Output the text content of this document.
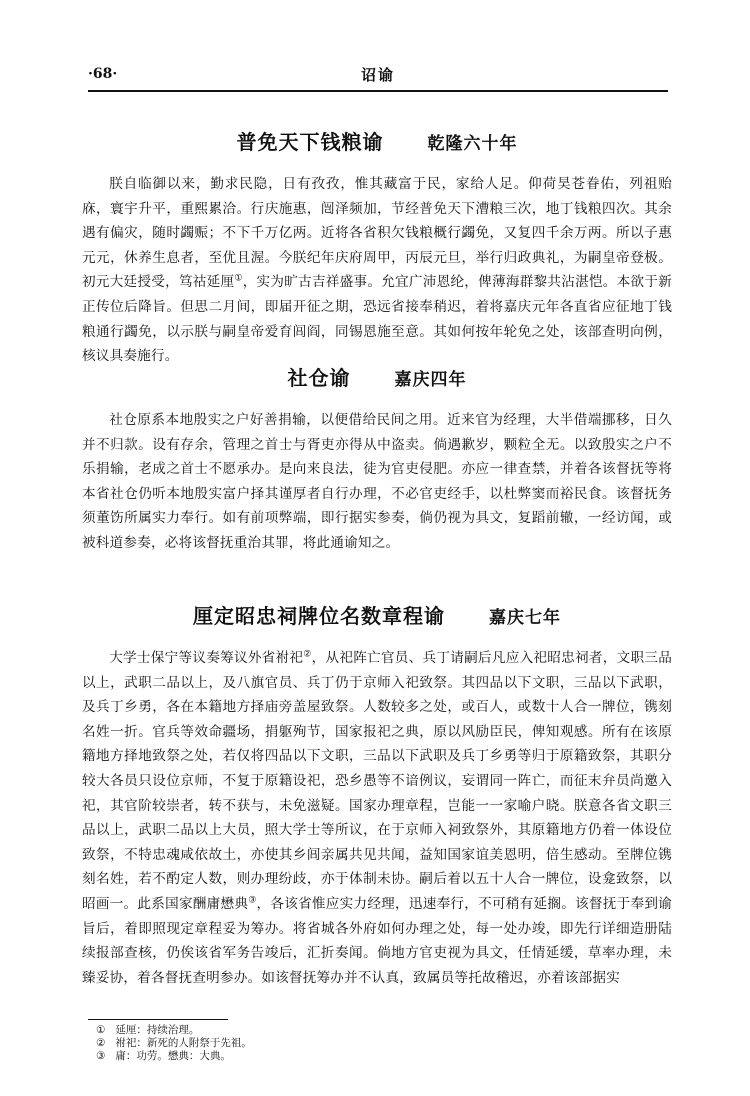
·68·	诏谕
普免天下钱粮谕	乾隆六十年

朕自临御以来，勤求民隐，日有孜孜，惟其藏富于民，家给人足。仰荷昊苍眷佑，列祖贻庥，寰宇升平，重熙累洽。行庆施惠，闿泽频加，节经普免天下漕粮三次，地丁钱粮四次。其余遇有偏灾，随时蠲赈；不下千万亿两。近将各省积欠钱粮概行蠲免，又复四千余万两。所以子惠元元，休养生息者，至优且渥。今朕纪年庆府周甲，丙辰元旦，举行归政典礼，为嗣皇帝登极。初元大廷授受，笃祜延厘①，实为旷古吉祥盛事。允宜广沛恩纶，俾薄海群黎共沾湛恺。本欲于新正传位后降旨。但思二月间，即届开征之期，恐远省接奉稍迟，着将嘉庆元年各直省应征地丁钱粮通行蠲免，以示朕与嗣皇帝爱育闾阎，同锡恩施至意。其如何按年轮免之处，该部查明向例，核议具奏施行。

社仓谕	嘉庆四年

社仓原系本地殷实之户好善捐输，以便借给民间之用。近来官为经理，大半借端挪移，日久并不归款。设有存余，管理之首士与胥吏亦得从中盗卖。倘遇歉岁，颗粒全无。以致殷实之户不乐捐输，老成之首士不愿承办。是向来良法，徒为官吏侵肥。亦应一律查禁，并着各该督抚等将本省社仓仍听本地殷实富户择其谨厚者自行办理，不必官吏经手，以杜弊窦而裕民食。该督抚务须董饬所属实力奉行。如有前项弊端，即行据实参奏，倘仍视为具文，复蹈前辙，一经访闻，或被科道参奏，必将该督抚重治其罪，将此通谕知之。

厘定昭忠祠牌位名数章程谕	嘉庆七年

大学士保宁等议奏筹议外省祔祀②，从祀阵亡官员、兵丁请嗣后凡应入祀昭忠祠者，文职三品以上，武职二品以上，及八旗官员、兵丁仍于京师入祀致祭。其四品以下文职，三品以下武职，及兵丁乡勇，各在本籍地方择庙旁盖屋致祭。人数较多之处，或百人，或数十人合一牌位，镌刻名姓一折。官兵等效命疆场，捐躯殉节，国家报祀之典，原以风励臣民，俾知观感。所有在该原籍地方择地致祭之处，若仅将四品以下文职，三品以下武职及兵丁乡勇等归于原籍致祭，其职分较大各员只设位京师，不复于原籍设祀，恐乡愚等不谙例议，妄谓同一阵亡，而征末弁员尚邀入祀，其官阶较崇者，转不获与，未免滋疑。国家办理章程，岂能一一家喻户晓。朕意各省文职三品以上，武职二品以上大员，照大学士等所议，在于京师入祠致祭外，其原籍地方仍着一体设位致祭，不特忠魂咸依故土，亦使其乡闾亲属共见共闻，益知国家谊美恩明，倍生感动。至牌位镌刻名姓，若不酌定人数，则办理纷歧，亦于体制未协。嗣后着以五十人合一牌位，设龛致祭，以昭画一。此系国家酬庸懋典③，各该省惟应实力经理，迅速奉行，不可稍有延搁。该督抚于奉到谕旨后，着即照现定章程妥为筹办。将省城各外府如何办理之处，每一处办竣，即先行详细造册陆续报部查核，仍俟该省军务告竣后，汇折奏闻。倘地方官吏视为具文，任情延缓，草率办理，未臻妥协，着各督抚查明参办。如该督抚筹办并不认真，致属员等托故稽迟，亦着该部据实

① 延厘：持续治理。
② 祔祀：新死的人附祭于先祖。
③ 庸：功劳。懋典：大典。
